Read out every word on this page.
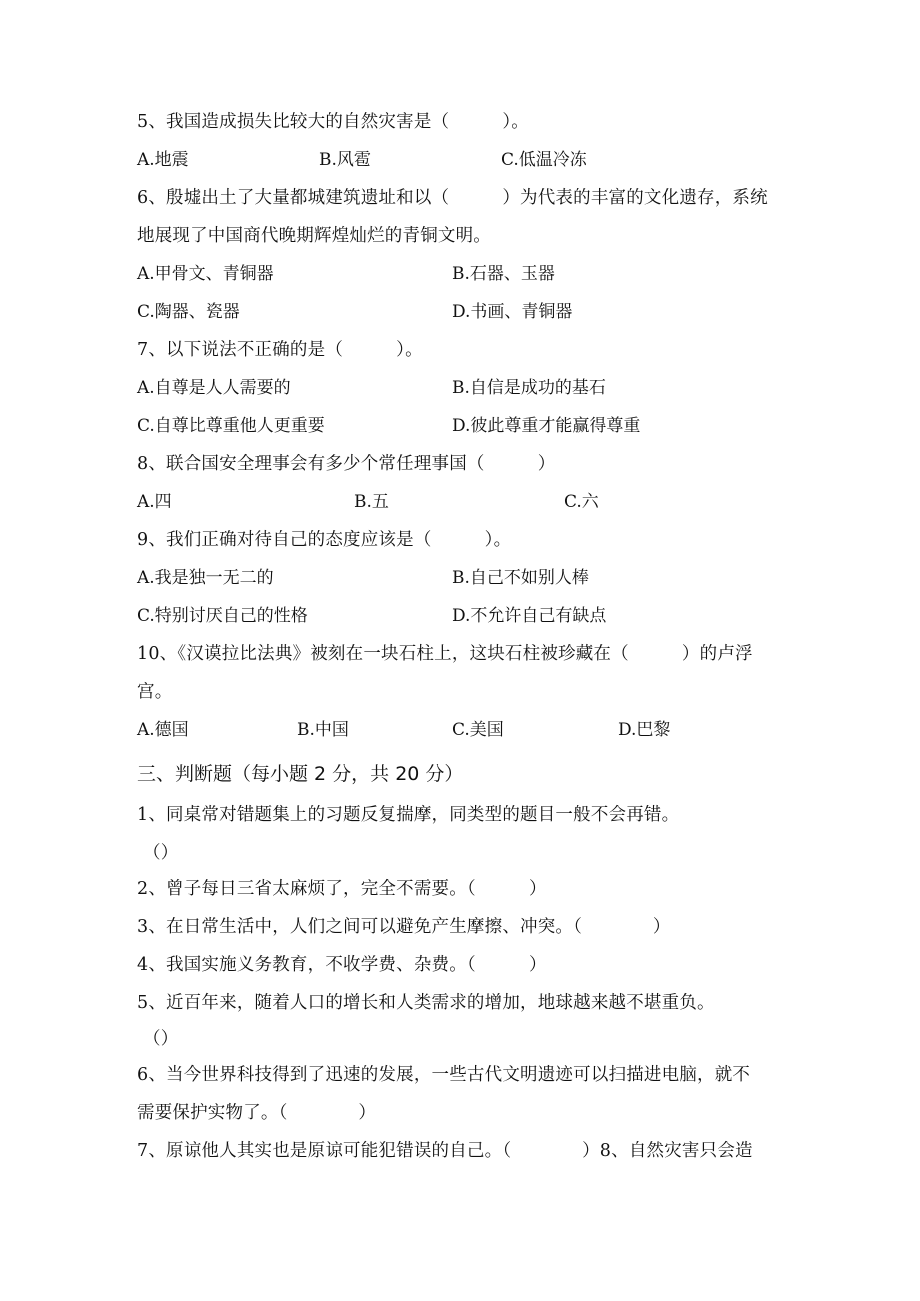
5、我国造成损失比较大的自然灾害是（　　　）。
A.地震	B.风雹	C.低温冷冻
6、殷墟出土了大量都城建筑遗址和以（　　　）为代表的丰富的文化遗存，系统
地展现了中国商代晚期辉煌灿烂的青铜文明。
A.甲骨文、青铜器	B.石器、玉器
C.陶器、瓷器	D.书画、青铜器
7、以下说法不正确的是（　　　）。
A.自尊是人人需要的	B.自信是成功的基石
C.自尊比尊重他人更重要	D.彼此尊重才能赢得尊重
8、联合国安全理事会有多少个常任理事国（　　　）
A.四	B.五	C.六
9、我们正确对待自己的态度应该是（　　　）。
A.我是独一无二的	B.自己不如别人棒
C.特别讨厌自己的性格	D.不允许自己有缺点
10、《汉谟拉比法典》被刻在一块石柱上，这块石柱被珍藏在（　　　）的卢浮
宫。
A.德国	B.中国	C.美国	D.巴黎
三、判断题（每小题 2 分，共 20 分）
1、同桌常对错题集上的习题反复揣摩，同类型的题目一般不会再错。
（）
2、曾子每日三省太麻烦了，完全不需要。（　　　）
3、在日常生活中，人们之间可以避免产生摩擦、冲突。（　　　　）
4、我国实施义务教育，不收学费、杂费。（　　　）
5、近百年来，随着人口的增长和人类需求的增加，地球越来越不堪重负。
（）
6、当今世界科技得到了迅速的发展，一些古代文明遗迹可以扫描进电脑，就不
需要保护实物了。（　　　　）
7、原谅他人其实也是原谅可能犯错误的自己。（　　　　）8、自然灾害只会造
